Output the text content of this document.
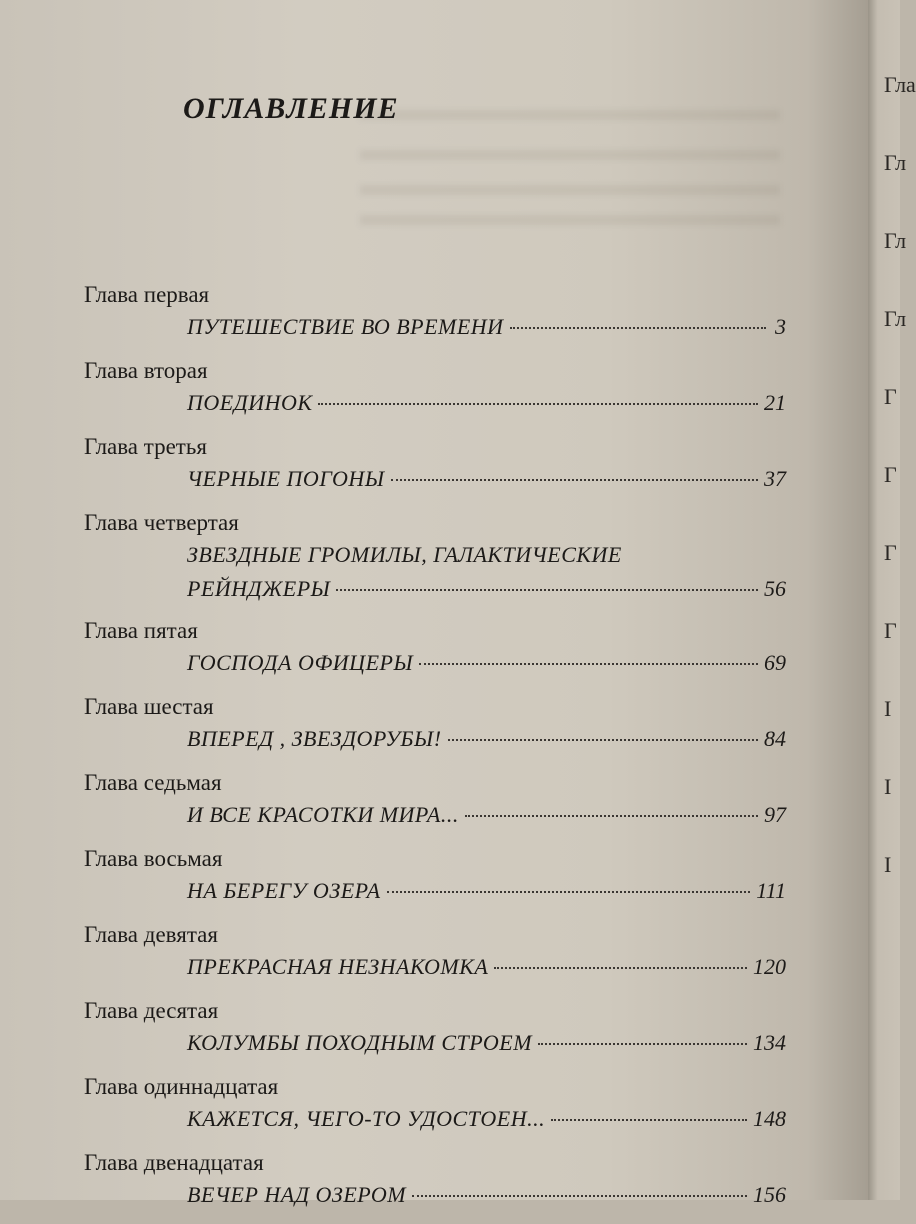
ОГЛАВЛЕНИЕ
Глава первая
ПУТЕШЕСТВИЕ ВО ВРЕМЕНИ	3
Глава вторая
ПОЕДИНОК	21
Глава третья
ЧЕРНЫЕ ПОГОНЫ	37
Глава четвертая
ЗВЕЗДНЫЕ ГРОМИЛЫ, ГАЛАКТИЧЕСКИЕ
РЕЙНДЖЕРЫ	56
Глава пятая
ГОСПОДА ОФИЦЕРЫ	69
Глава шестая
ВПЕРЕД , ЗВЕЗДОРУБЫ!	84
Глава седьмая
И ВСЕ КРАСОТКИ МИРА...	97
Глава восьмая
НА БЕРЕГУ ОЗЕРА	111
Глава девятая
ПРЕКРАСНАЯ НЕЗНАКОМКА	120
Глава десятая
КОЛУМБЫ ПОХОДНЫМ СТРОЕМ	134
Глава одиннадцатая
КАЖЕТСЯ, ЧЕГО-ТО УДОСТОЕН...	148
Глава двенадцатая
ВЕЧЕР НАД ОЗЕРОМ	156
Гла
Гл
Гл
Гл
Г
Г
Г
Г
I
I
I
